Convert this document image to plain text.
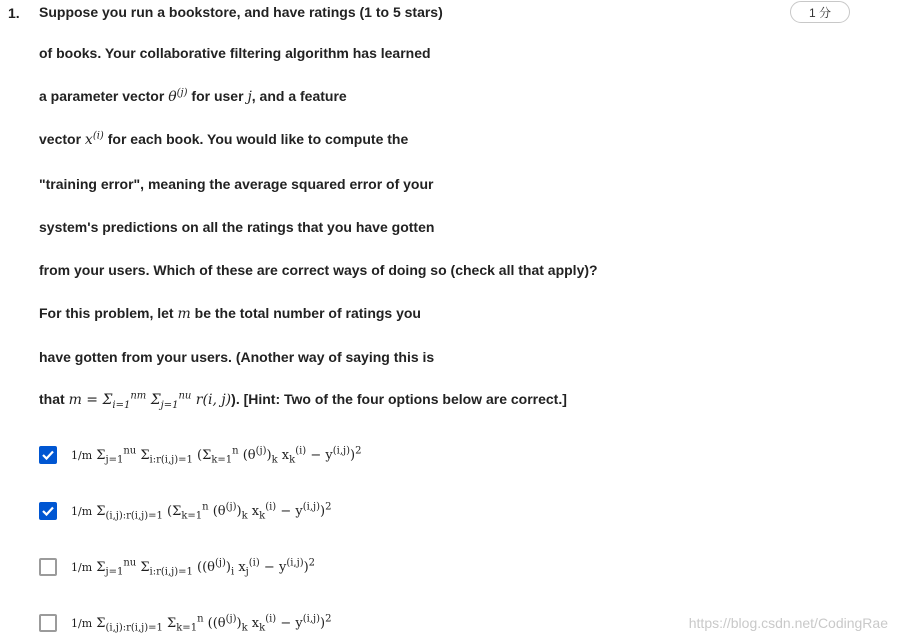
1.	1 分
Suppose you run a bookstore, and have ratings (1 to 5 stars)
of books. Your collaborative filtering algorithm has learned
a parameter vector $\theta^{(j)}$ for user j, and a feature
vector $x^{(i)}$ for each book. You would like to compute the
"training error", meaning the average squared error of your
system's predictions on all the ratings that you have gotten
from your users. Which of these are correct ways of doing so (check all that apply)?
For this problem, let m be the total number of ratings you
have gotten from your users. (Another way of saying this is
that $m = \Sigma_{i=1}^{nm}$ $\Sigma_{j=1}^{nu}$ r(i, j)). [Hint: Two of the four options below are correct.]
1/m $\Sigma_{j=1}^{nu}$ $\Sigma_{i:r(i,j)=1}$ ($\Sigma_{k=1}^n$ $(\theta^{(j)})_k$ $x_k^{(i)} - y^{(i,j)})^2$
1/m $\Sigma_{(i,j):r(i,j)=1}$ ($\Sigma_{k=1}^n$ $(\theta^{(j)})_k$ $x_k^{(i)} - y^{(i,j)})^2$
1/m $\Sigma_{j=1}^{nu}$ $\Sigma_{i:r(i,j)=1}$ ($(\theta^{(j)})_i$ $x_j^{(i)} - y^{(i,j)})^2$
1/m $\Sigma_{(i,j):r(i,j)=1}$ $\Sigma_{k=1}^n$ ($(\theta^{(j)})_k$ $x_k^{(i)} - y^{(i,j)})^2$	https://blog.csdn.net/CodingRae
